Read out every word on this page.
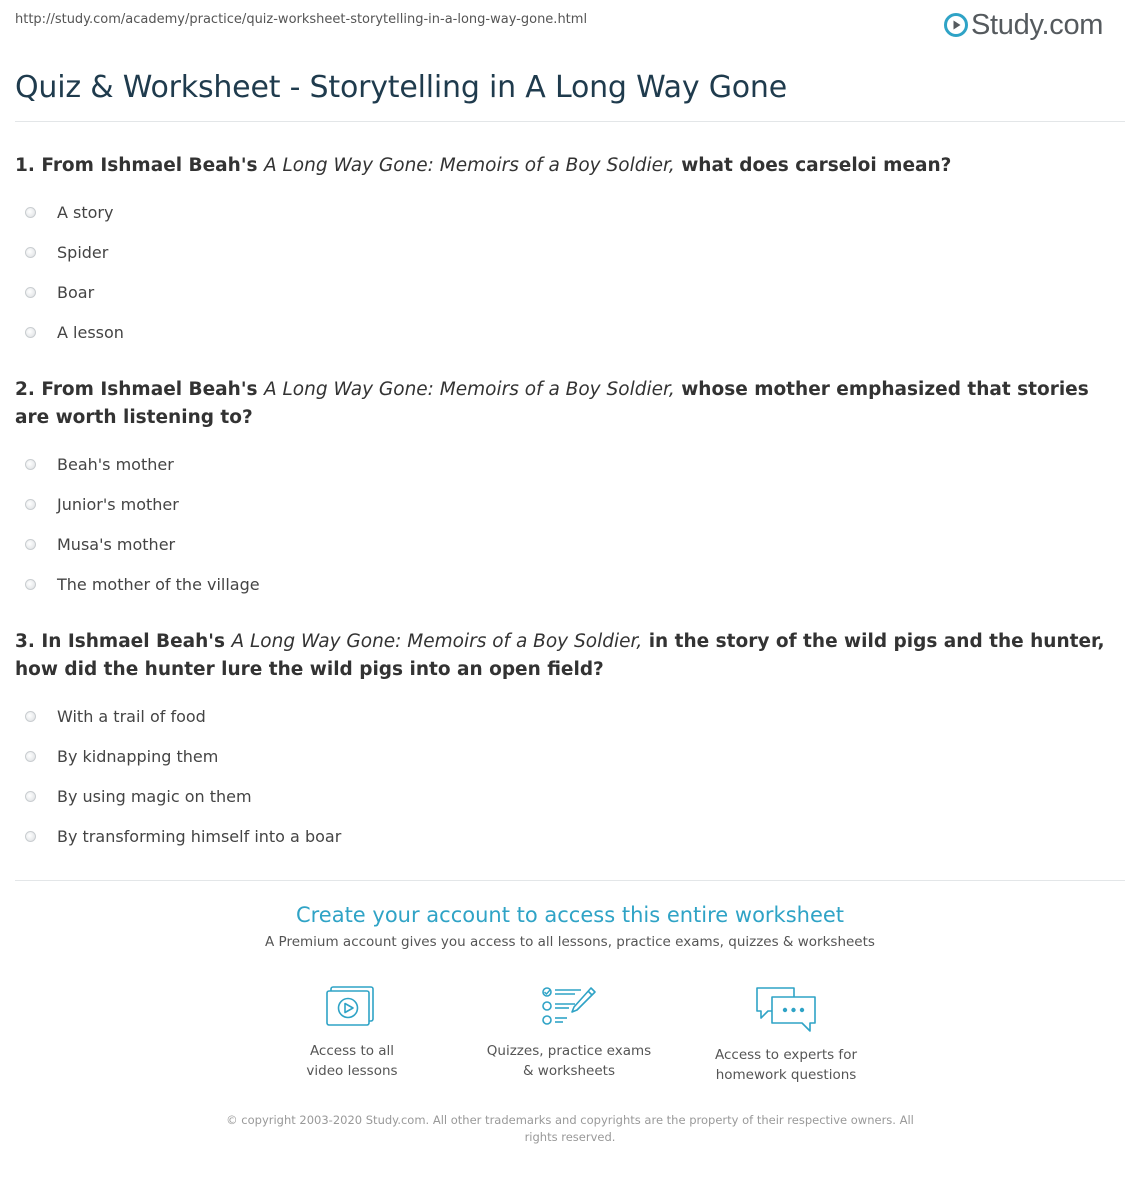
http://study.com/academy/practice/quiz-worksheet-storytelling-in-a-long-way-gone.html	Study.com
Quiz & Worksheet - Storytelling in A Long Way Gone

1. From Ishmael Beah's A Long Way Gone: Memoirs of a Boy Soldier, what does carseloi mean?

A story
Spider
Boar
A lesson

2. From Ishmael Beah's A Long Way Gone: Memoirs of a Boy Soldier, whose mother emphasized that stories are worth listening to?

Beah's mother
Junior's mother
Musa's mother
The mother of the village

3. In Ishmael Beah's A Long Way Gone: Memoirs of a Boy Soldier, in the story of the wild pigs and the hunter, how did the hunter lure the wild pigs into an open field?

With a trail of food
By kidnapping them
By using magic on them
By transforming himself into a boar

Create your account to access this entire worksheet

A Premium account gives you access to all lessons, practice exams, quizzes & worksheets

Access to all
video lessons
Quizzes, practice exams
& worksheets
Access to experts for
homework questions
© copyright 2003-2020 Study.com. All other trademarks and copyrights are the property of their respective owners. All rights reserved.
